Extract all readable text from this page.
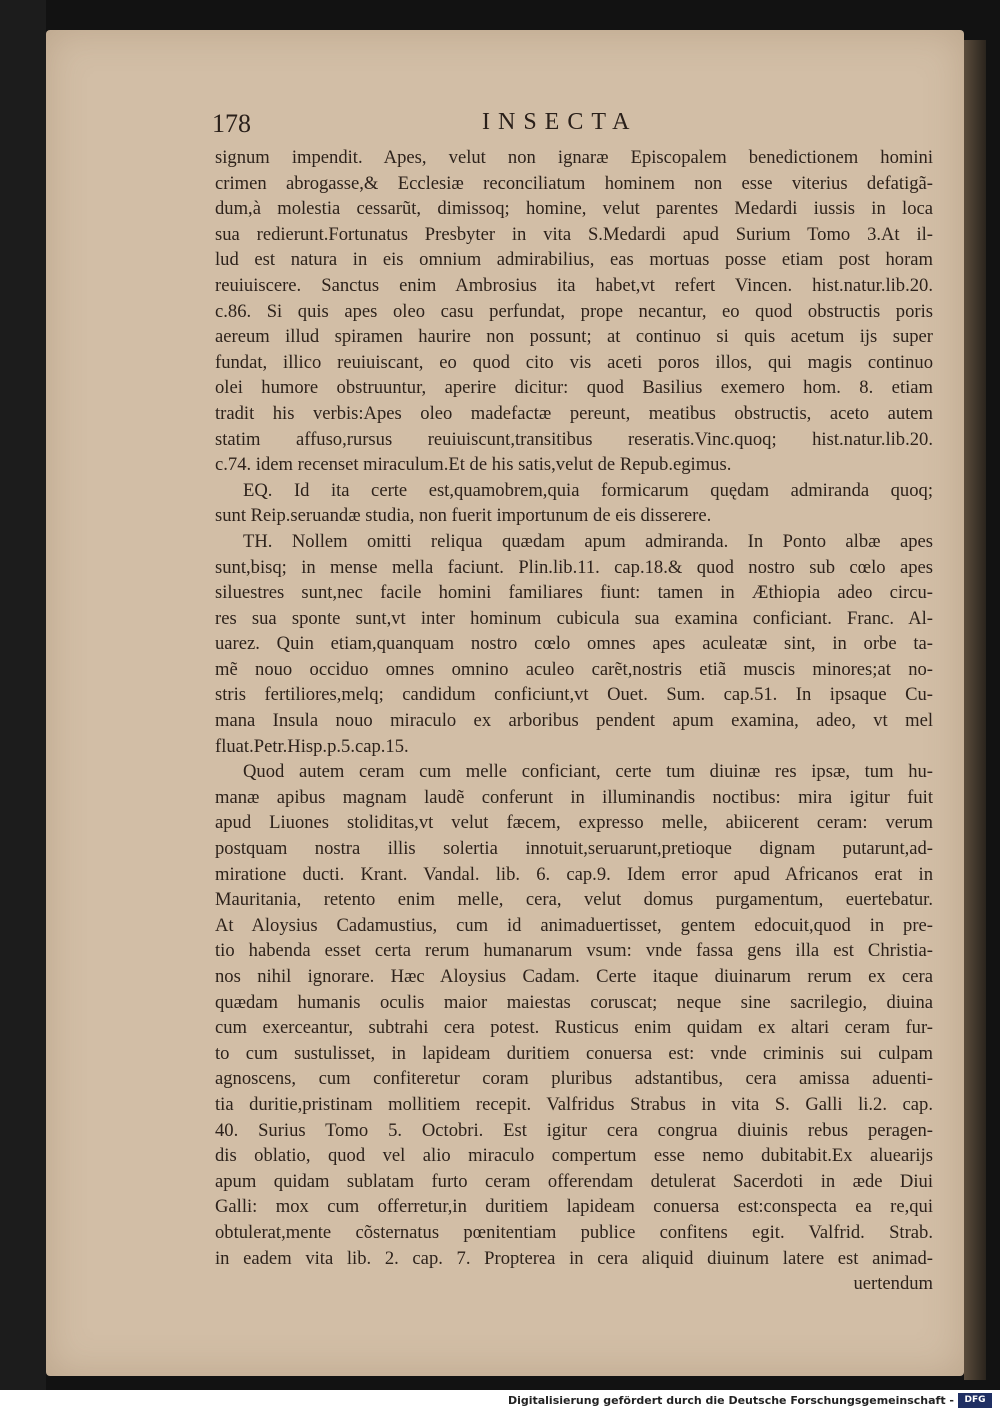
178	INSECTA
signum impendit. Apes, velut non ignaræ Episcopalem benedictionem homini
crimen abrogasse,& Ecclesiæ reconciliatum hominem non esse viterius defatigã-
dum,à molestia cessarũt, dimissoq; homine, velut parentes Medardi iussis in loca
sua redierunt.Fortunatus Presbyter in vita S.Medardi apud Surium Tomo 3.At il-
lud est natura in eis omnium admirabilius, eas mortuas posse etiam post horam
reuiuiscere. Sanctus enim Ambrosius ita habet,vt refert Vincen. hist.natur.lib.20.
c.86. Si quis apes oleo casu perfundat, prope necantur, eo quod obstructis poris
aereum illud spiramen haurire non possunt; at continuo si quis acetum ijs super
fundat, illico reuiuiscant, eo quod cito vis aceti poros illos, qui magis continuo
olei humore obstruuntur, aperire dicitur: quod Basilius exemero hom. 8. etiam
tradit his verbis:Apes oleo madefactæ pereunt, meatibus obstructis, aceto autem
statim affuso,rursus reuiuiscunt,transitibus reseratis.Vinc.quoq; hist.natur.lib.20.
c.74. idem recenset miraculum.Et de his satis,velut de Repub.egimus.
EQ. Id ita certe est,quamobrem,quia formicarum quędam admiranda quoq;
sunt Reip.seruandæ studia, non fuerit importunum de eis disserere.
TH. Nollem omitti reliqua quædam apum admiranda. In Ponto albæ apes
sunt,bisq; in mense mella faciunt. Plin.lib.11. cap.18.& quod nostro sub cœlo apes
siluestres sunt,nec facile homini familiares fiunt: tamen in Æthiopia adeo circu-
res sua sponte sunt,vt inter hominum cubicula sua examina conficiant. Franc. Al-
uarez. Quin etiam,quanquam nostro cœlo omnes apes aculeatæ sint, in orbe ta-
mẽ nouo occiduo omnes omnino aculeo carẽt,nostris etiã muscis minores;at no-
stris fertiliores,melq; candidum conficiunt,vt Ouet. Sum. cap.51. In ipsaque Cu-
mana Insula nouo miraculo ex arboribus pendent apum examina, adeo, vt mel
fluat.Petr.Hisp.p.5.cap.15.
Quod autem ceram cum melle conficiant, certe tum diuinæ res ipsæ, tum hu-
manæ apibus magnam laudẽ conferunt in illuminandis noctibus: mira igitur fuit
apud Liuones stoliditas,vt velut fæcem, expresso melle, abiicerent ceram: verum
postquam nostra illis solertia innotuit,seruarunt,pretioque dignam putarunt,ad-
miratione ducti. Krant. Vandal. lib. 6. cap.9. Idem error apud Africanos erat in
Mauritania, retento enim melle, cera, velut domus purgamentum, euertebatur.
At Aloysius Cadamustius, cum id animaduertisset, gentem edocuit,quod in pre-
tio habenda esset certa rerum humanarum vsum: vnde fassa gens illa est Christia-
nos nihil ignorare. Hæc Aloysius Cadam. Certe itaque diuinarum rerum ex cera
quædam humanis oculis maior maiestas coruscat; neque sine sacrilegio, diuina
cum exerceantur, subtrahi cera potest. Rusticus enim quidam ex altari ceram fur-
to cum sustulisset, in lapideam duritiem conuersa est: vnde criminis sui culpam
agnoscens, cum confiteretur coram pluribus adstantibus, cera amissa aduenti-
tia duritie,pristinam mollitiem recepit. Valfridus Strabus in vita S. Galli li.2. cap.
40. Surius Tomo 5. Octobri. Est igitur cera congrua diuinis rebus peragen-
dis oblatio, quod vel alio miraculo compertum esse nemo dubitabit.Ex aluearijs
apum quidam sublatam furto ceram offerendam detulerat Sacerdoti in æde Diui
Galli: mox cum offerretur,in duritiem lapideam conuersa est:conspecta ea re,qui
obtulerat,mente cõsternatus pœnitentiam publice confitens egit. Valfrid. Strab.
in eadem vita lib. 2. cap. 7. Propterea in cera aliquid diuinum latere est animad-
uertendum
Digitalisierung gefördert durch die Deutsche Forschungsgemeinschaft -	DFG
